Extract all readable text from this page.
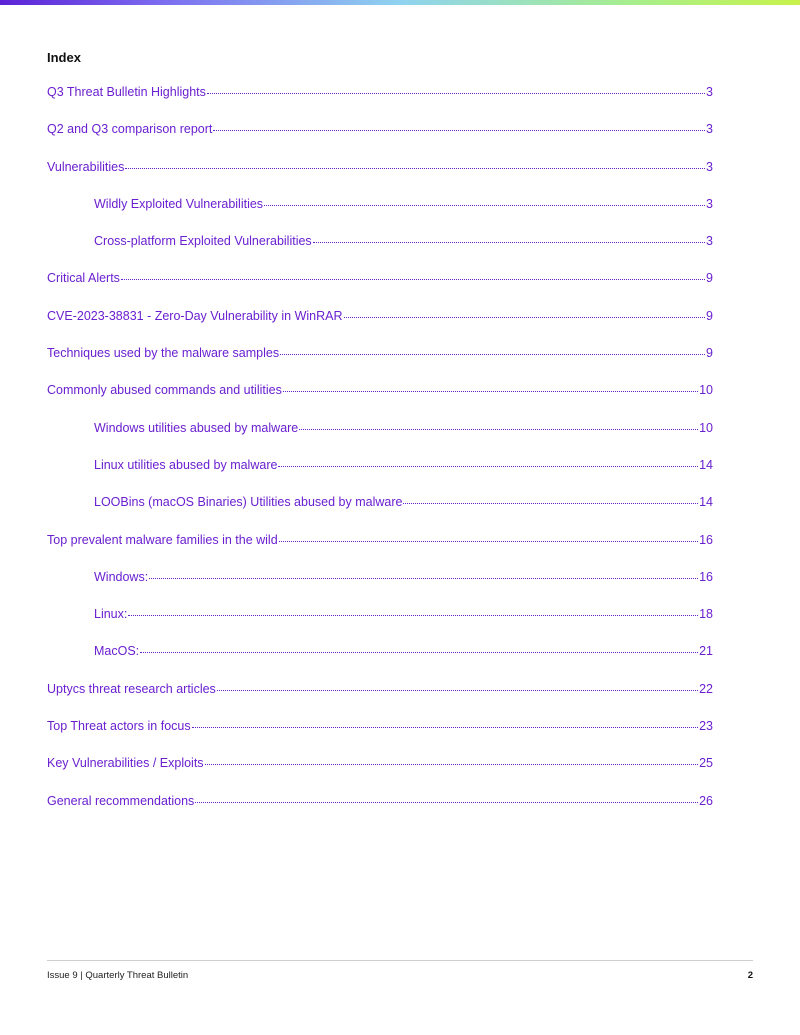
Index
Q3 Threat Bulletin Highlights	3
Q2 and Q3 comparison report	3
Vulnerabilities	3
Wildly Exploited Vulnerabilities	3
Cross-platform Exploited Vulnerabilities	3
Critical Alerts	9
CVE-2023-38831 - Zero-Day Vulnerability in WinRAR	9
Techniques used by the malware samples	9
Commonly abused commands and utilities	10
Windows utilities abused by malware	10
Linux utilities abused by malware	14
LOOBins (macOS Binaries) Utilities abused by malware	14
Top prevalent malware families in the wild	16
Windows:	16
Linux:	18
MacOS:	21
Uptycs threat research articles	22
Top Threat actors in focus	23
Key Vulnerabilities / Exploits	25
General recommendations	26
Issue 9 | Quarterly Threat Bulletin	2
